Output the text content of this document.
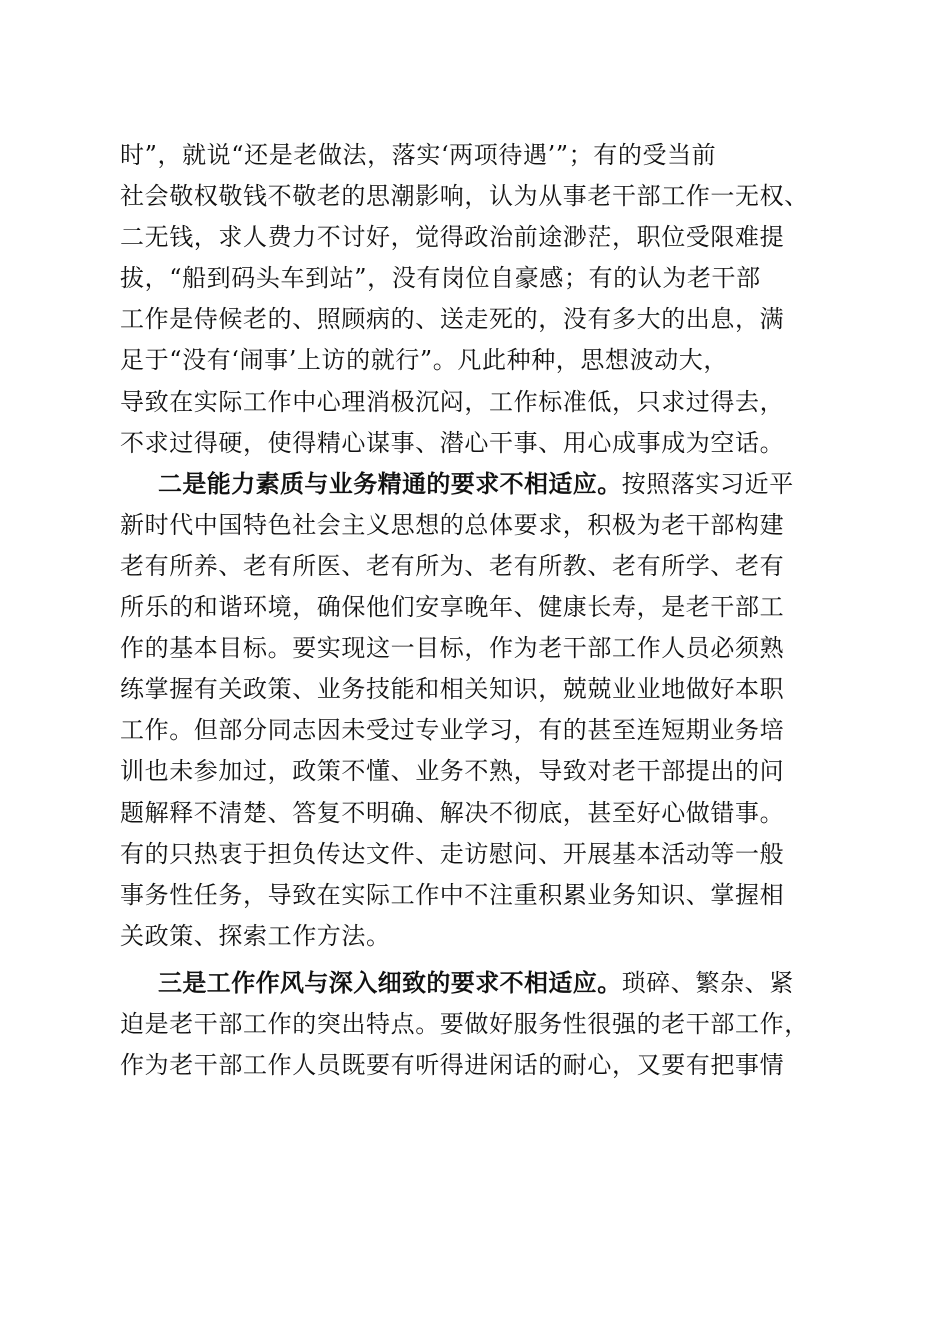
时”，就说“还是老做法，落实‘两项待遇’”；有的受当前
社会敬权敬钱不敬老的思潮影响，认为从事老干部工作一无权、
二无钱，求人费力不讨好，觉得政治前途渺茫，职位受限难提
拔，“船到码头车到站”，没有岗位自豪感；有的认为老干部
工作是侍候老的、照顾病的、送走死的，没有多大的出息，满
足于“没有‘闹事’上访的就行”。凡此种种，思想波动大，
导致在实际工作中心理消极沉闷，工作标准低，只求过得去，
不求过得硬，使得精心谋事、潜心干事、用心成事成为空话。
二是能力素质与业务精通的要求不相适应。按照落实习近平
新时代中国特色社会主义思想的总体要求，积极为老干部构建
老有所养、老有所医、老有所为、老有所教、老有所学、老有
所乐的和谐环境，确保他们安享晚年、健康长寿，是老干部工
作的基本目标。要实现这一目标，作为老干部工作人员必须熟
练掌握有关政策、业务技能和相关知识，兢兢业业地做好本职
工作。但部分同志因未受过专业学习，有的甚至连短期业务培
训也未参加过，政策不懂、业务不熟，导致对老干部提出的问
题解释不清楚、答复不明确、解决不彻底，甚至好心做错事。
有的只热衷于担负传达文件、走访慰问、开展基本活动等一般
事务性任务，导致在实际工作中不注重积累业务知识、掌握相
关政策、探索工作方法。
三是工作作风与深入细致的要求不相适应。琐碎、繁杂、紧
迫是老干部工作的突出特点。要做好服务性很强的老干部工作，
作为老干部工作人员既要有听得进闲话的耐心，又要有把事情
